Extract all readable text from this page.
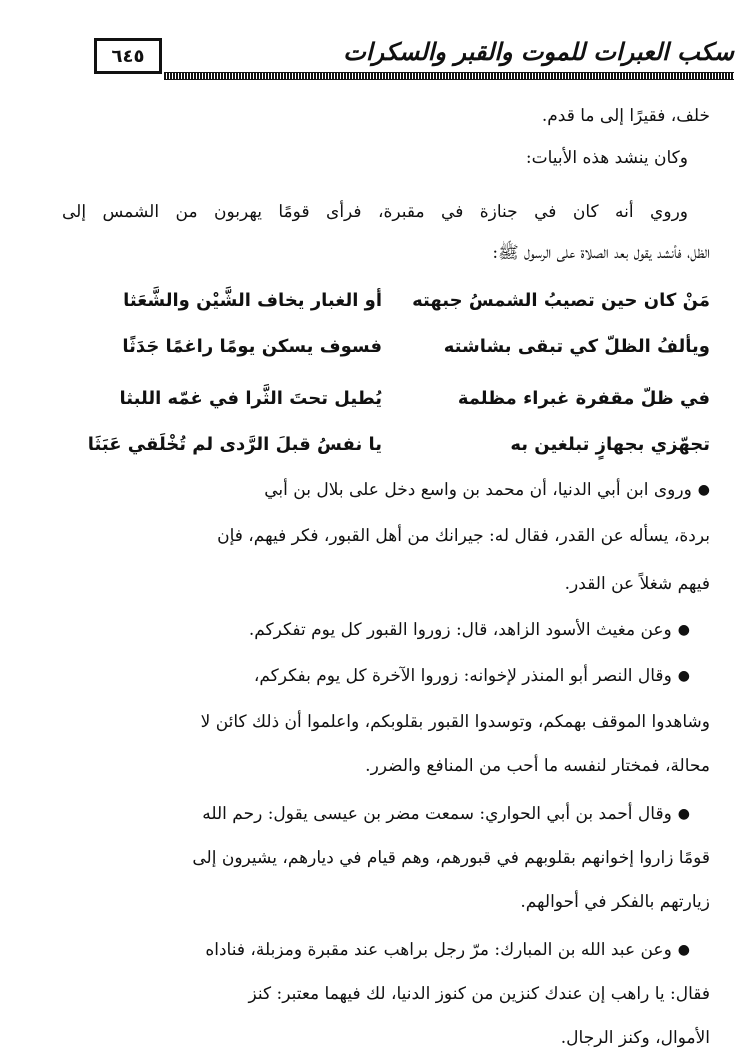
٦٤٥	سكب العبرات للموت والقبر والسكرات
خلف، فقيرًا إلى ما قدم.
وكان ينشد هذه الأبيات:
وروي أنه كان في جنازة في مقبرة، فرأى قومًا يهربون من الشمس إلى
الظل، فأنشد يقول بعد الصلاة على الرسول ﷺ:
مَنْ كان حين تصيبُ الشمسُ جبهته
أو الغبار يخاف الشَّيْن والشَّعَثا
ويألفُ الظلّ كي تبقى بشاشته
فسوف يسكن يومًا راغمًا جَدَثًا
في ظلّ مقفرة غبراء مظلمة
يُطيل تحتَ الثَّرا في غمّه اللبثا
تجهّزي بجهازٍ تبلغين به
يا نفسُ قبلَ الرَّدى لم تُخْلَقي عَبَثَا
●
وروى ابن أبي الدنيا، أن محمد بن واسع دخل على بلال بن أبي
بردة، يسأله عن القدر، فقال له: جيرانك من أهل القبور، فكر فيهم، فإن
فيهم شغلاً عن القدر.
●
وعن مغيث الأسود الزاهد، قال: زوروا القبور كل يوم تفكركم.
●
وقال النصر أبو المنذر لإخوانه: زوروا الآخرة كل يوم بفكركم،
وشاهدوا الموقف بهمكم، وتوسدوا القبور بقلوبكم، واعلموا أن ذلك كائن لا
محالة، فمختار لنفسه ما أحب من المنافع والضرر.
●
وقال أحمد بن أبي الحواري: سمعت مضر بن عيسى يقول: رحم الله
قومًا زاروا إخوانهم بقلوبهم في قبورهم، وهم قيام في ديارهم، يشيرون إلى
زيارتهم بالفكر في أحوالهم.
●
وعن عبد الله بن المبارك: مرّ رجل براهب عند مقبرة ومزبلة، فناداه
فقال: يا راهب إن عندك كنزين من كنوز الدنيا، لك فيهما معتبر: كنز
الأموال، وكنز الرجال.
